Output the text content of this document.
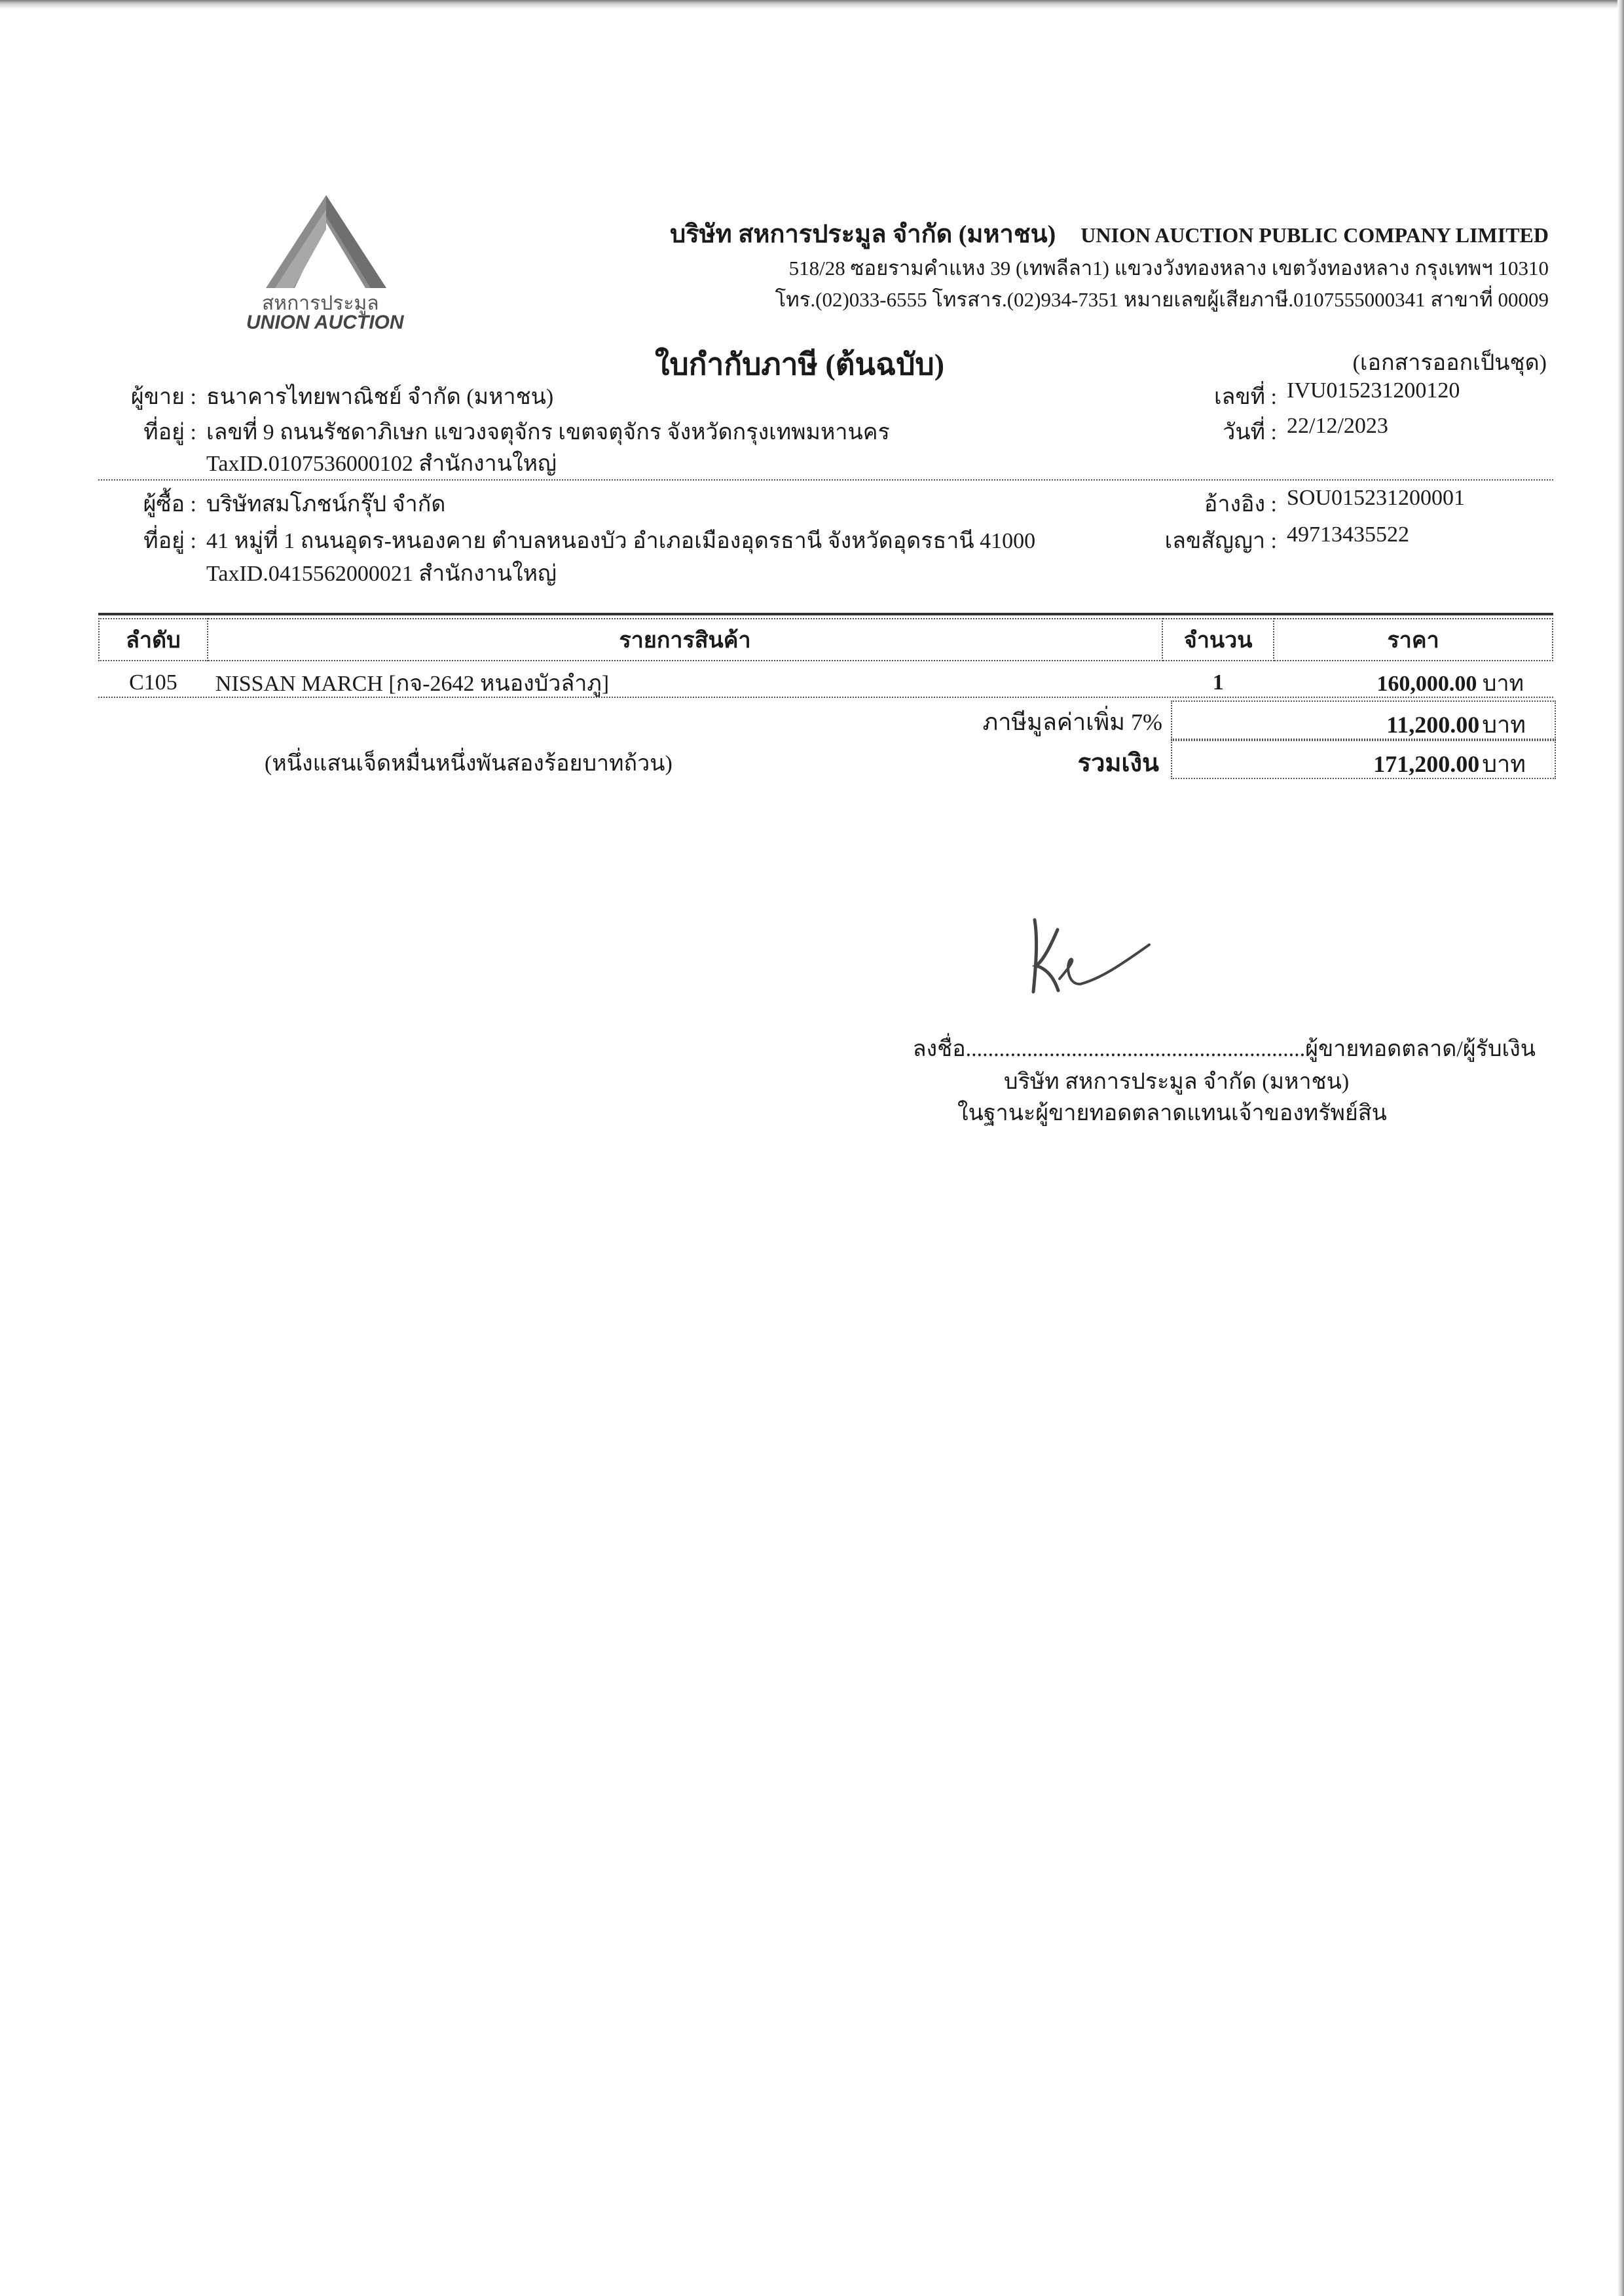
สหการประมูล
UNION AUCTION
บริษัท สหการประมูล จำกัด (มหาชน) UNION AUCTION PUBLIC COMPANY LIMITED
518/28 ซอยรามคำแหง 39 (เทพลีลา1) แขวงวังทองหลาง เขตวังทองหลาง กรุงเทพฯ 10310
โทร.(02)033-6555 โทรสาร.(02)934-7351 หมายเลขผู้เสียภาษี.0107555000341 สาขาที่ 00009
ใบกำกับภาษี (ต้นฉบับ)	(เอกสารออกเป็นชุด)
ผู้ขาย : ธนาคารไทยพาณิชย์ จำกัด (มหาชน)
ที่อยู่ : เลขที่ 9 ถนนรัชดาภิเษก แขวงจตุจักร เขตจตุจักร จังหวัดกรุงเทพมหานคร
TaxID.0107536000102 สำนักงานใหญ่
เลขที่ : IVU015231200120
วันที่ : 22/12/2023
ผู้ซื้อ : บริษัทสมโภชน์กรุ๊ป จำกัด
ที่อยู่ : 41 หมู่ที่ 1 ถนนอุดร-หนองคาย ตำบลหนองบัว อำเภอเมืองอุดรธานี จังหวัดอุดรธานี 41000
TaxID.0415562000021 สำนักงานใหญ่
อ้างอิง : SOU015231200001
เลขสัญญา : 49713435522
ลำดับ	รายการสินค้า	จำนวน	ราคา
C105	NISSAN MARCH [กจ-2642 หนองบัวลำภู]	1	160,000.00 บาท
ภาษีมูลค่าเพิ่ม 7%	11,200.00 บาท
(หนึ่งแสนเจ็ดหมื่นหนึ่งพันสองร้อยบาทถ้วน)	รวมเงิน	171,200.00 บาท
ลงชื่อ.............................................................ผู้ขายทอดตลาด/ผู้รับเงิน
บริษัท สหการประมูล จำกัด (มหาชน)
ในฐานะผู้ขายทอดตลาดแทนเจ้าของทรัพย์สิน
